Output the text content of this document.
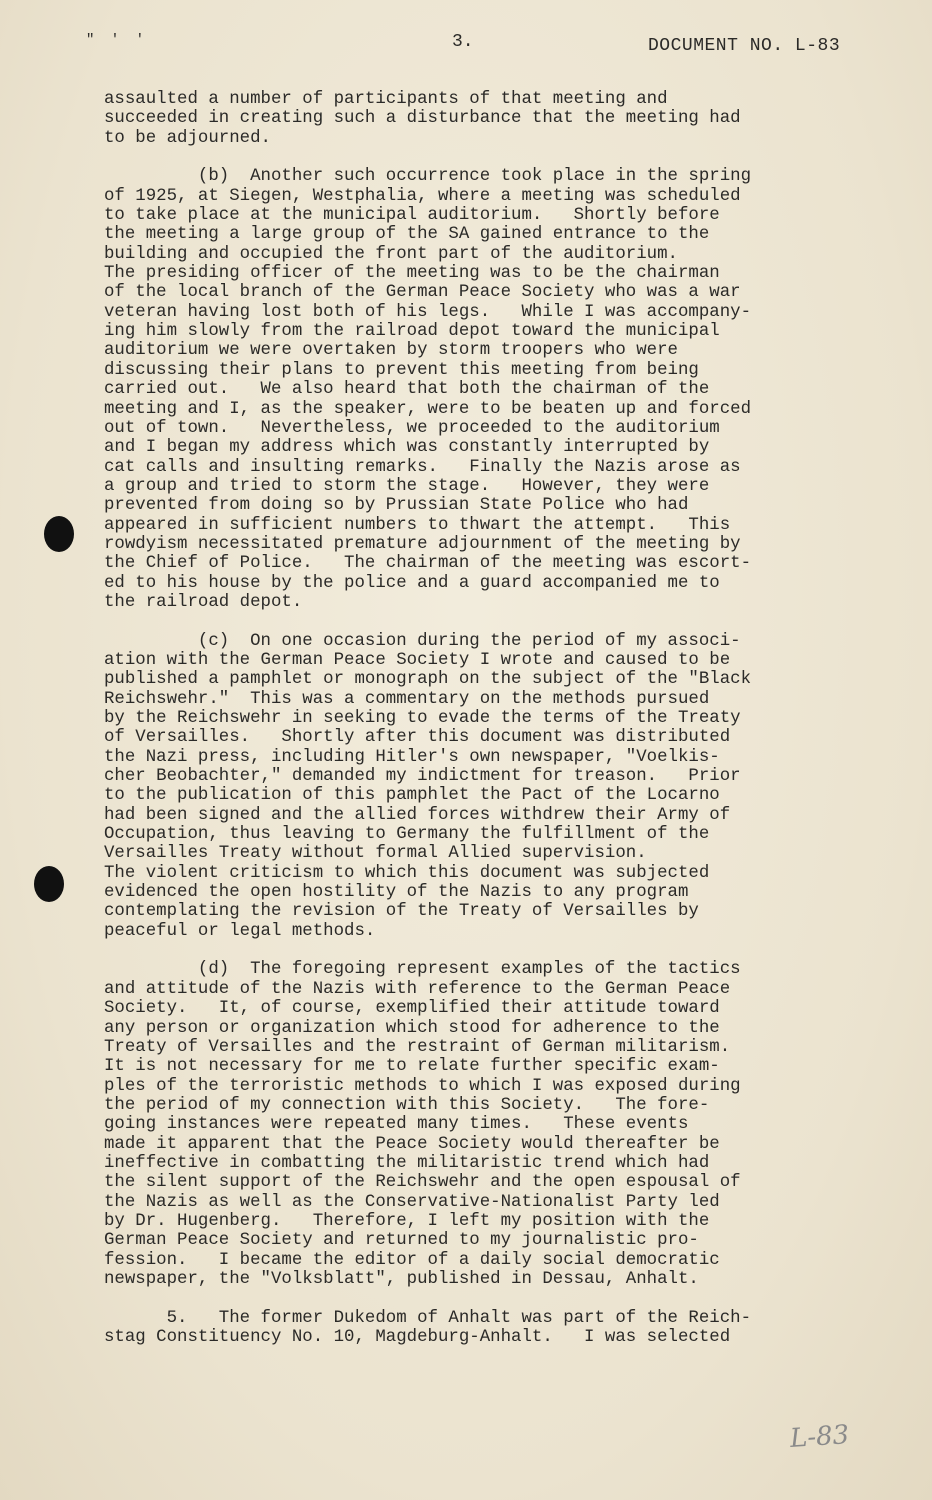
" ' '	3.	DOCUMENT NO. L-83
assaulted a number of participants of that meeting and
succeeded in creating such a disturbance that the meeting had
to be adjourned.
(b)  Another such occurrence took place in the spring
of 1925, at Siegen, Westphalia, where a meeting was scheduled
to take place at the municipal auditorium.   Shortly before
the meeting a large group of the SA gained entrance to the
building and occupied the front part of the auditorium.
The presiding officer of the meeting was to be the chairman
of the local branch of the German Peace Society who was a war
veteran having lost both of his legs.   While I was accompany-
ing him slowly from the railroad depot toward the municipal
auditorium we were overtaken by storm troopers who were
discussing their plans to prevent this meeting from being
carried out.   We also heard that both the chairman of the
meeting and I, as the speaker, were to be beaten up and forced
out of town.   Nevertheless, we proceeded to the auditorium
and I began my address which was constantly interrupted by
cat calls and insulting remarks.   Finally the Nazis arose as
a group and tried to storm the stage.   However, they were
prevented from doing so by Prussian State Police who had
appeared in sufficient numbers to thwart the attempt.   This
rowdyism necessitated premature adjournment of the meeting by
the Chief of Police.   The chairman of the meeting was escort-
ed to his house by the police and a guard accompanied me to
the railroad depot.
(c)  On one occasion during the period of my associ-
ation with the German Peace Society I wrote and caused to be
published a pamphlet or monograph on the subject of the "Black
Reichswehr."  This was a commentary on the methods pursued
by the Reichswehr in seeking to evade the terms of the Treaty
of Versailles.   Shortly after this document was distributed
the Nazi press, including Hitler's own newspaper, "Voelkis-
cher Beobachter," demanded my indictment for treason.   Prior
to the publication of this pamphlet the Pact of the Locarno
had been signed and the allied forces withdrew their Army of
Occupation, thus leaving to Germany the fulfillment of the
Versailles Treaty without formal Allied supervision.
The violent criticism to which this document was subjected
evidenced the open hostility of the Nazis to any program
contemplating the revision of the Treaty of Versailles by
peaceful or legal methods.
(d)  The foregoing represent examples of the tactics
and attitude of the Nazis with reference to the German Peace
Society.   It, of course, exemplified their attitude toward
any person or organization which stood for adherence to the
Treaty of Versailles and the restraint of German militarism.
It is not necessary for me to relate further specific exam-
ples of the terroristic methods to which I was exposed during
the period of my connection with this Society.   The fore-
going instances were repeated many times.   These events
made it apparent that the Peace Society would thereafter be
ineffective in combatting the militaristic trend which had
the silent support of the Reichswehr and the open espousal of
the Nazis as well as the Conservative-Nationalist Party led
by Dr. Hugenberg.   Therefore, I left my position with the
German Peace Society and returned to my journalistic pro-
fession.   I became the editor of a daily social democratic
newspaper, the "Volksblatt", published in Dessau, Anhalt.
5.   The former Dukedom of Anhalt was part of the Reich-
stag Constituency No. 10, Magdeburg-Anhalt.   I was selected
L-83
